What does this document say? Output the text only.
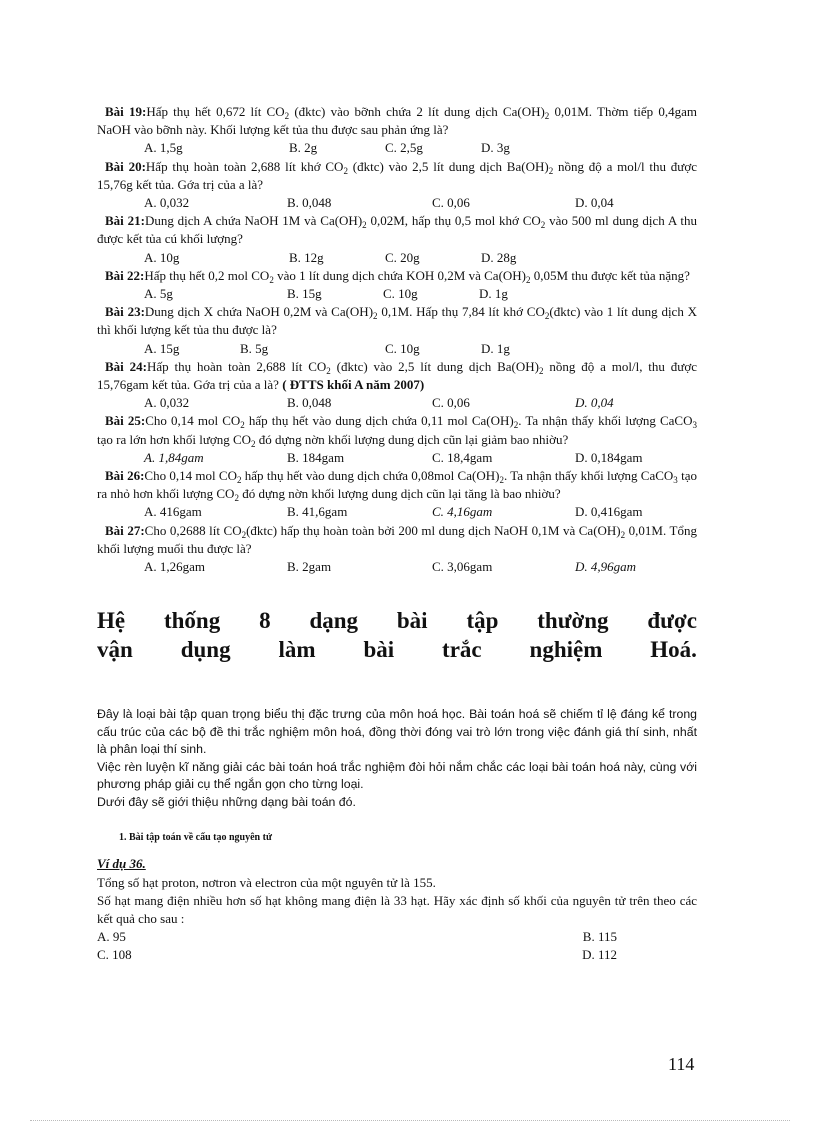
Bài 19:Hấp thụ hết 0,672 lít $CO_2$ (đktc) vào bỡnh chứa 2 lít dung dịch $Ca(OH)_2$ 0,01M. Thờm tiếp 0,4gam NaOH vào bỡnh này. Khối lượng kết tủa thu được sau phản ứng là?

A. 1,5g	B. 2g	C. 2,5g	D. 3g

Bài 20:Hấp thụ hoàn toàn 2,688 lít khớ $CO_2$ (đktc) vào 2,5 lít dung dịch $Ba(OH)_2$ nồng độ a mol/l thu được 15,76g kết tủa. Gớa trị của a là?

A. 0,032	B. 0,048	C. 0,06	D. 0,04

Bài 21:Dung dịch A chứa NaOH 1M và $Ca(OH)_2$ 0,02M, hấp thụ 0,5 mol khớ $CO_2$ vào 500 ml dung dịch A thu được kết tủa cú khối lượng?

A. 10g	B. 12g	C. 20g	D. 28g

Bài 22:Hấp thụ hết 0,2 mol $CO_2$ vào 1 lít dung dịch chứa KOH 0,2M và $Ca(OH)_2$ 0,05M thu được kết tủa nặng?

A. 5g	B. 15g	C. 10g	D. 1g

Bài 23:Dung dịch X chứa NaOH 0,2M và $Ca(OH)_2$ 0,1M. Hấp thụ 7,84 lít khớ $CO_2(đktc)$ vào 1 lít dung dịch X thì khối lượng kết tủa thu được là?

A. 15g	B. 5g	C. 10g	D. 1g

Bài 24:Hấp thụ hoàn toàn 2,688 lít $CO_2$ (đktc) vào 2,5 lít dung dịch $Ba(OH)_2$ nồng độ a mol/l, thu được 15,76gam kết tủa. Gớa trị của a là? ( ĐTTS khối A năm 2007)

A. 0,032	B. 0,048	C. 0,06	D. 0,04

Bài 25:Cho 0,14 mol $CO_2$ hấp thụ hết vào dung dịch chứa 0,11 mol $Ca(OH)_2$. Ta nhận thấy khối lượng CaCO$_3$ tạo ra lớn hơn khối lượng $CO_2$ đó dựng nờn khối lượng dung dịch cũn lại giảm bao nhiờu?

A. 1,84gam	B. 184gam	C. 18,4gam	D. 0,184gam

Bài 26:Cho 0,14 mol $CO_2$ hấp thụ hết vào dung dịch chứa 0,08mol $Ca(OH)_2$. Ta nhận thấy khối lượng CaCO$_3$ tạo ra nhỏ hơn khối lượng $CO_2$ đó dựng nờn khối lượng dung dịch cũn lại tăng là bao nhiờu?

A. 416gam	B. 41,6gam	C. 4,16gam	D. 0,416gam

Bài 27:Cho 0,2688 lít $CO_2(đktc)$ hấp thụ hoàn toàn bởi 200 ml dung dịch NaOH 0,1M và $Ca(OH)_2$ 0,01M. Tổng khối lượng muối thu được là?

A. 1,26gam	B. 2gam	C. 3,06gam	D. 4,96gam
Hệ thống 8 dạng bài tập thường được
vận dụng làm bài trắc nghiệm Hoá.

Đây là loại bài tập quan trọng biểu thị đặc trưng của môn hoá học. Bài toán hoá sẽ chiếm tỉ lệ đáng kể trong cấu trúc của các bộ đề thi trắc nghiệm môn hoá, đồng thời đóng vai trò lớn trong việc đánh giá thí sinh, nhất là phân loại thí sinh.

Việc rèn luyện kĩ năng giải các bài toán hoá trắc nghiệm đòi hỏi nắm chắc các loại bài toán hoá này, cùng với phương pháp giải cụ thể ngắn gọn cho từng loại.

Dưới đây sẽ giới thiệu những dạng bài toán đó.

1. Bài tập toán về cấu tạo nguyên tử
Ví dụ 36.

Tổng số hạt proton, nơtron và electron của một nguyên tử là 155.

Số hạt mang điện nhiều hơn số hạt không mang điện là 33 hạt. Hãy xác định số khối của nguyên tử trên theo các kết quả cho sau :

A. 95	B. 115
C. 108	D. 112
114
